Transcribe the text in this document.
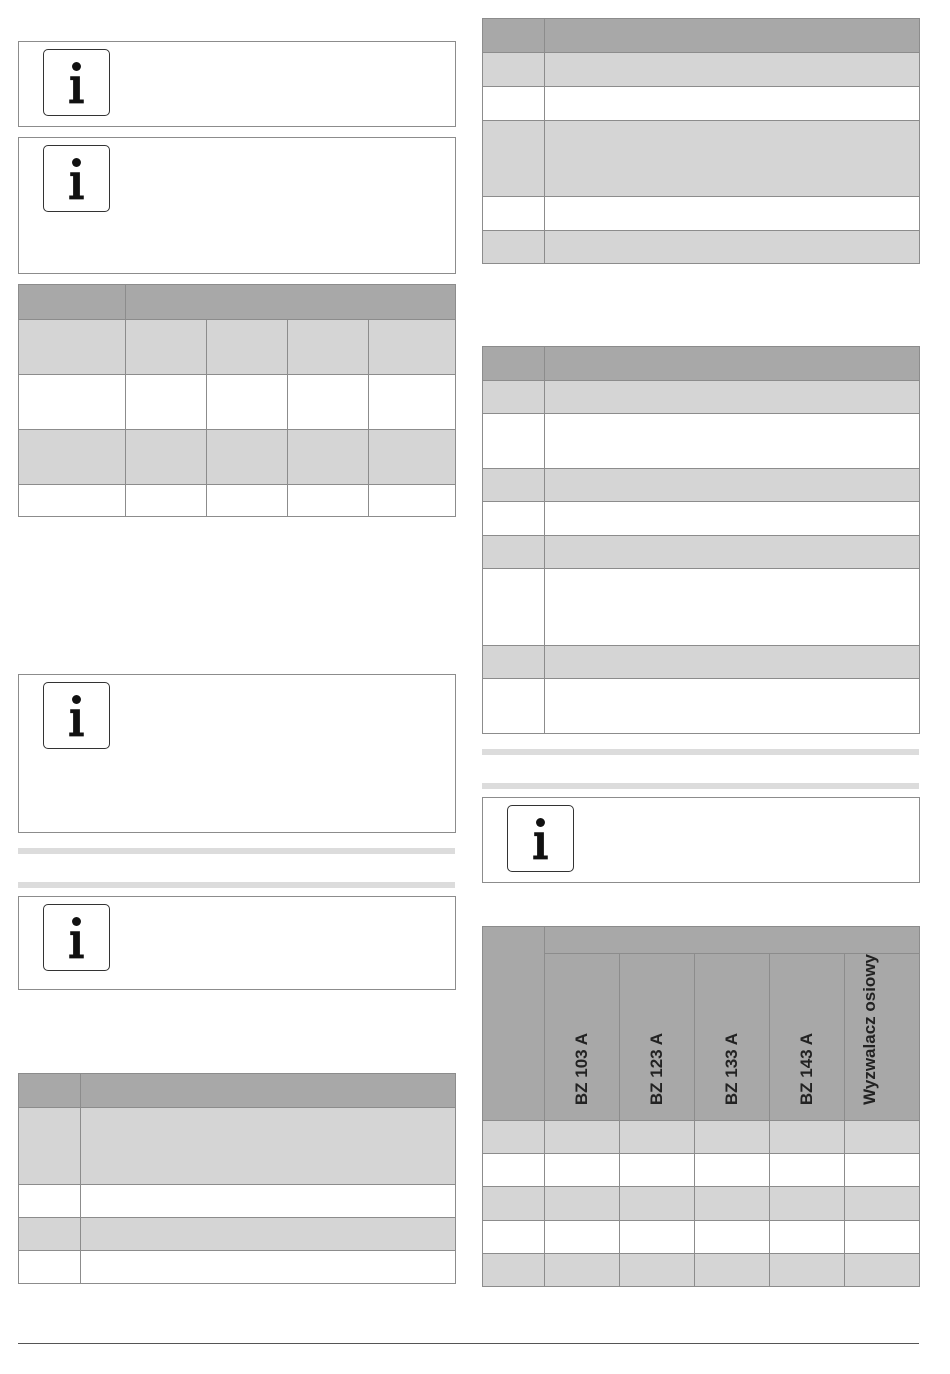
	BZ 103 A	BZ 123 A	BZ 133 A	BZ 143 A	Wyzwalacz osiowy
